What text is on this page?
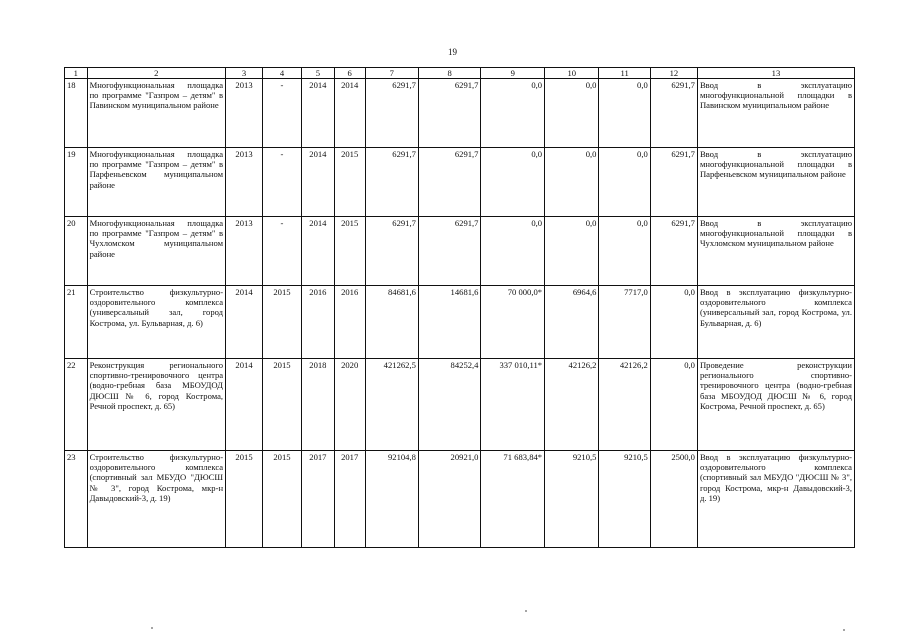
19
1	2	3	4	5	6	7	8	9	10	11	12	13
18	Многофункциональная площадка по программе "Газпром – детям" в Павинском муниципальном районе	2013	-	2014	2014	6291,7	6291,7	0,0	0,0	0,0	6291,7	Ввод в эксплуатацию многофункциональной площадки в Павинском муниципальном районе
19	Многофункциональная площадка по программе "Газпром – детям" в Парфеньевском муниципальном районе	2013	-	2014	2015	6291,7	6291,7	0,0	0,0	0,0	6291,7	Ввод в эксплуатацию многофункциональной площадки в Парфеньевском муниципальном районе
20	Многофункциональная площадка по программе "Газпром – детям" в Чухломском муниципальном районе	2013	-	2014	2015	6291,7	6291,7	0,0	0,0	0,0	6291,7	Ввод в эксплуатацию многофункциональной площадки в Чухломском муниципальном районе
21	Строительство физкультурно-оздоровительного комплекса (универсальный зал, город Кострома, ул. Бульварная, д. 6)	2014	2015	2016	2016	84681,6	14681,6	70 000,0*	6964,6	7717,0	0,0	Ввод в эксплуатацию физкультурно-оздоровительного комплекса (универсальный зал, город Кострома, ул. Бульварная, д. 6)
22	Реконструкция регионального спортивно-тренировочного центра (водно-гребная база МБОУДОД ДЮСШ № 6, город Кострома, Речной проспект, д. 65)	2014	2015	2018	2020	421262,5	84252,4	337 010,11*	42126,2	42126,2	0,0	Проведение реконструкции регионального спортивно-тренировочного центра (водно-гребная база МБОУДОД ДЮСШ № 6, город Кострома, Речной проспект, д. 65)
23	Строительство физкультурно-оздоровительного комплекса (спортивный зал МБУДО "ДЮСШ № 3", город Кострома, мкр-н Давыдовский-3, д. 19)	2015	2015	2017	2017	92104,8	20921,0	71 683,84*	9210,5	9210,5	2500,0	Ввод в эксплуатацию физкультурно-оздоровительного комплекса (спортивный зал МБУДО "ДЮСШ № 3", город Кострома, мкр-н Давыдовский-3, д. 19)
